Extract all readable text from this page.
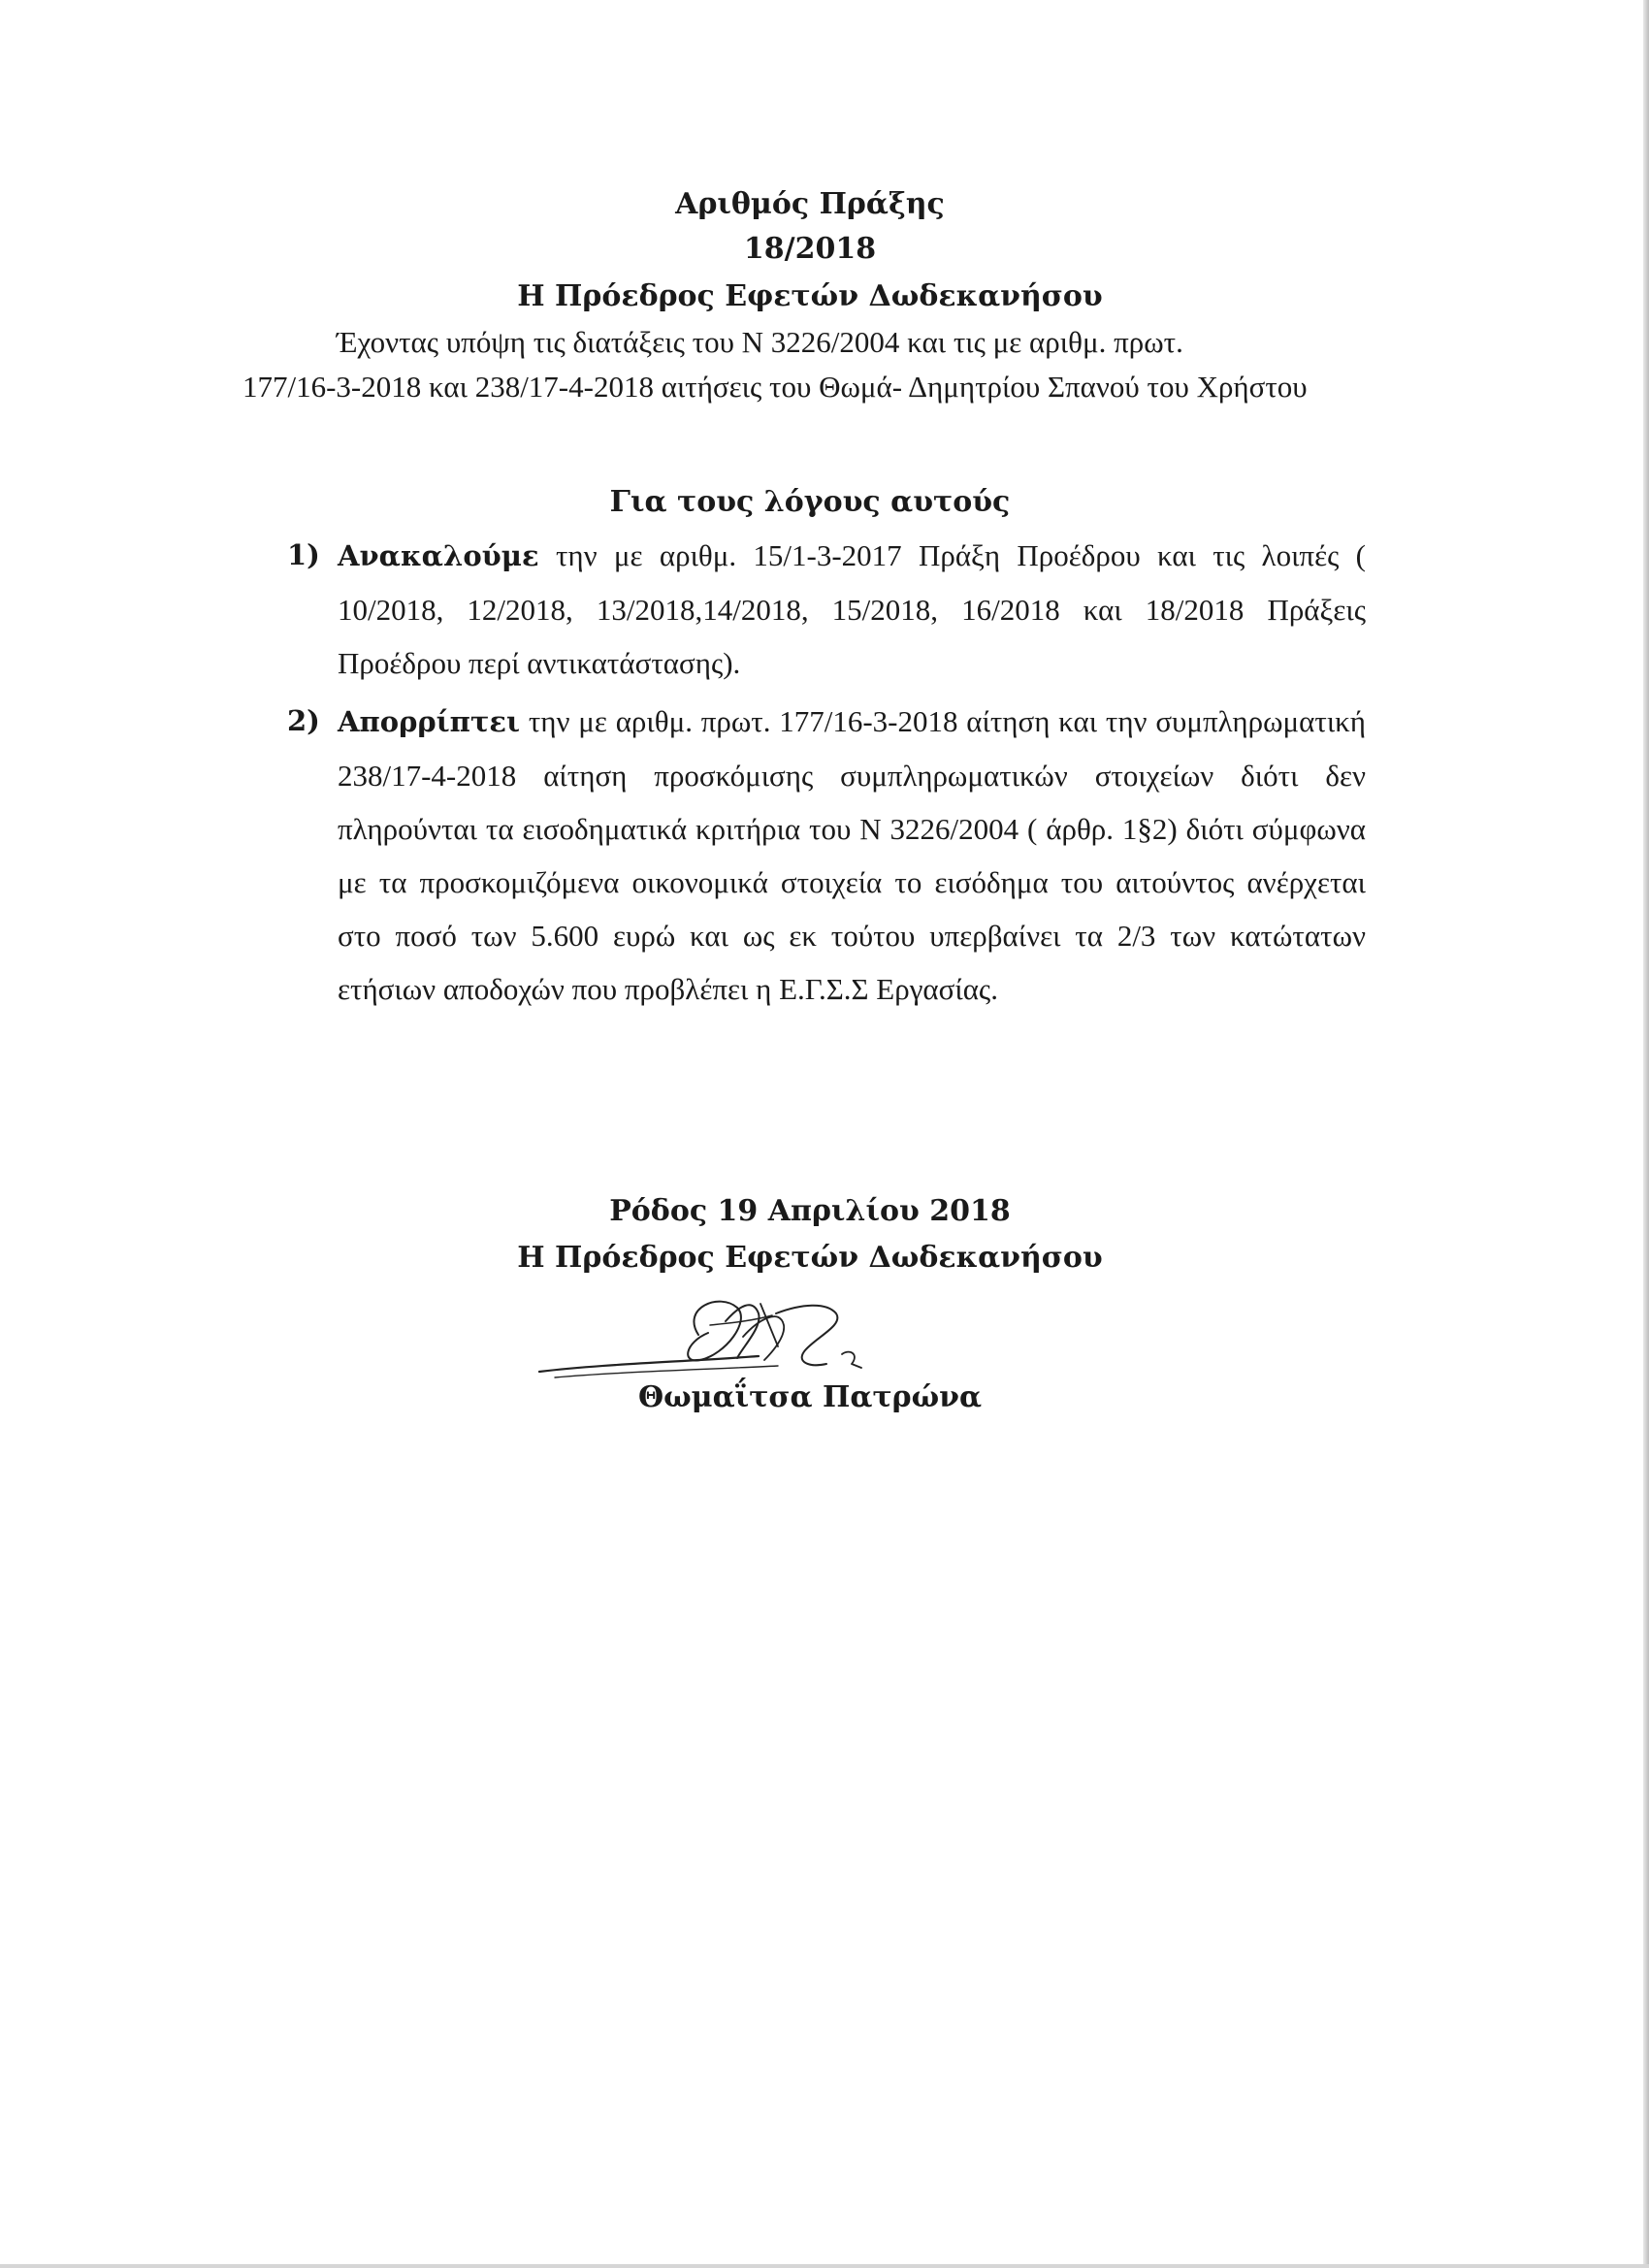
Αριθμός Πράξης
18/2018
Η Πρόεδρος Εφετών Δωδεκανήσου
Έχοντας υπόψη τις διατάξεις του Ν 3226/2004 και τις με αριθμ. πρωτ.
177/16-3-2018 και 238/17-4-2018 αιτήσεις του Θωμά- Δημητρίου Σπανού του Χρήστου
Για τους λόγους αυτούς
1) Ανακαλούμε την με αριθμ. 15/1-3-2017 Πράξη Προέδρου και τις λοιπές ( 10/2018, 12/2018, 13/2018,14/2018, 15/2018, 16/2018 και 18/2018 Πράξεις Προέδρου περί αντικατάστασης).
2) Απορρίπτει την με αριθμ. πρωτ. 177/16-3-2018 αίτηση και την συμπληρωματική 238/17-4-2018 αίτηση προσκόμισης συμπληρωματικών στοιχείων διότι δεν πληρούνται τα εισοδηματικά κριτήρια του Ν 3226/2004 ( άρθρ. 1§2) διότι σύμφωνα με τα προσκομιζόμενα οικονομικά στοιχεία το εισόδημα του αιτούντος ανέρχεται στο ποσό των 5.600 ευρώ και ως εκ τούτου υπερβαίνει τα 2/3 των κατώτατων ετήσιων αποδοχών που προβλέπει η Ε.Γ.Σ.Σ Εργασίας.
Ρόδος 19 Απριλίου 2018
Η Πρόεδρος Εφετών Δωδεκανήσου
Θωμαΐτσα Πατρώνα
